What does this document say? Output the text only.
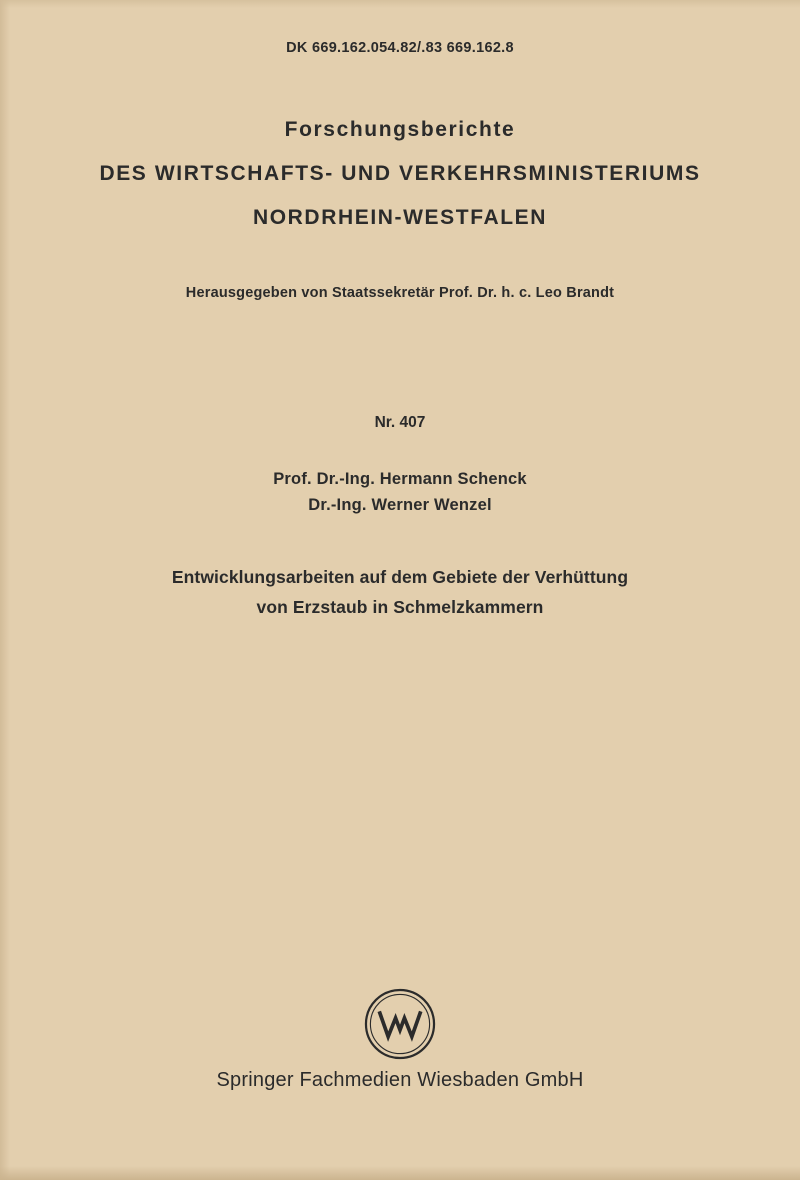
DK 669.162.054.82/.83 669.162.8
Forschungsberichte
DES WIRTSCHAFTS- UND VERKEHRSMINISTERIUMS
NORDRHEIN-WESTFALEN
Herausgegeben von Staatssekretär Prof. Dr. h. c. Leo Brandt
Nr. 407
Prof. Dr.-Ing. Hermann Schenck
Dr.-Ing. Werner Wenzel
Entwicklungsarbeiten auf dem Gebiete der Verhüttung
von Erzstaub in Schmelzkammern
Springer Fachmedien Wiesbaden GmbH
